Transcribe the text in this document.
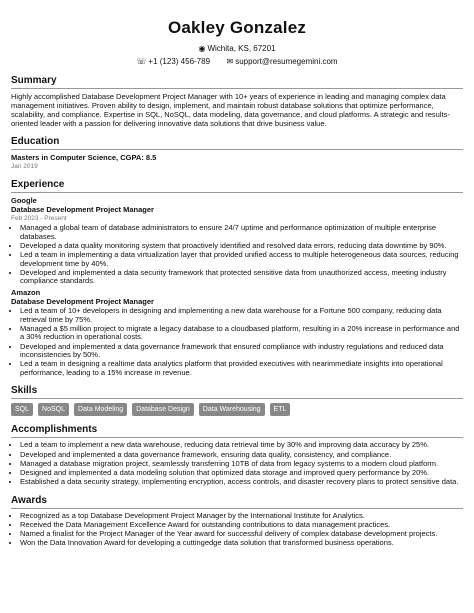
Oakley Gonzalez
◉ Wichita, KS, 67201
☏ +1 (123) 456-789 ✉ support@resumegemini.com
Summary
Highly accomplished Database Development Project Manager with 10+ years of experience in leading and managing complex data management initiatives. Proven ability to design, implement, and maintain robust database solutions that optimize performance, scalability, and compliance. Expertise in SQL, NoSQL, data modeling, data governance, and cloud platforms. A strategic and results-oriented leader with a passion for delivering innovative data solutions that drive business value.
Education
Masters in Computer Science, CGPA: 8.5
Jan 2019
Experience
Google
Database Development Project Manager
Feb 2023 - Present
• Managed a global team of database administrators to ensure 24/7 uptime and performance optimization of multiple enterprise databases.
• Developed a data quality monitoring system that proactively identified and resolved data errors, reducing data downtime by 90%.
• Led a team in implementing a data virtualization layer that provided unified access to multiple heterogeneous data sources, reducing development time by 40%.
• Developed and implemented a data security framework that protected sensitive data from unauthorized access, meeting industry compliance standards.
Amazon
Database Development Project Manager
• Led a team of 10+ developers in designing and implementing a new data warehouse for a Fortune 500 company, reducing data retrieval time by 75%.
• Managed a $5 million project to migrate a legacy database to a cloudbased platform, resulting in a 20% increase in performance and a 30% reduction in operational costs.
• Developed and implemented a data governance framework that ensured compliance with industry regulations and reduced data inconsistencies by 50%.
• Led a team in designing a realtime data analytics platform that provided executives with nearimmediate insights into operational performance, leading to a 15% increase in revenue.
Skills
SQL	NoSQL	Data Modeling	Database Design	Data Warehousing	ETL
Accomplishments
• Led a team to implement a new data warehouse, reducing data retrieval time by 30% and improving data accuracy by 25%.
• Developed and implemented a data governance framework, ensuring data quality, consistency, and compliance.
• Managed a database migration project, seamlessly transferring 10TB of data from legacy systems to a modern cloud platform.
• Designed and implemented a data modeling solution that optimized data storage and improved query performance by 20%.
• Established a data security strategy, implementing encryption, access controls, and disaster recovery plans to protect sensitive data.
Awards
• Recognized as a top Database Development Project Manager by the International Institute for Analytics.
• Received the Data Management Excellence Award for outstanding contributions to data management practices.
• Named a finalist for the Project Manager of the Year award for successful delivery of complex database development projects.
• Won the Data Innovation Award for developing a cuttingedge data solution that transformed business operations.
